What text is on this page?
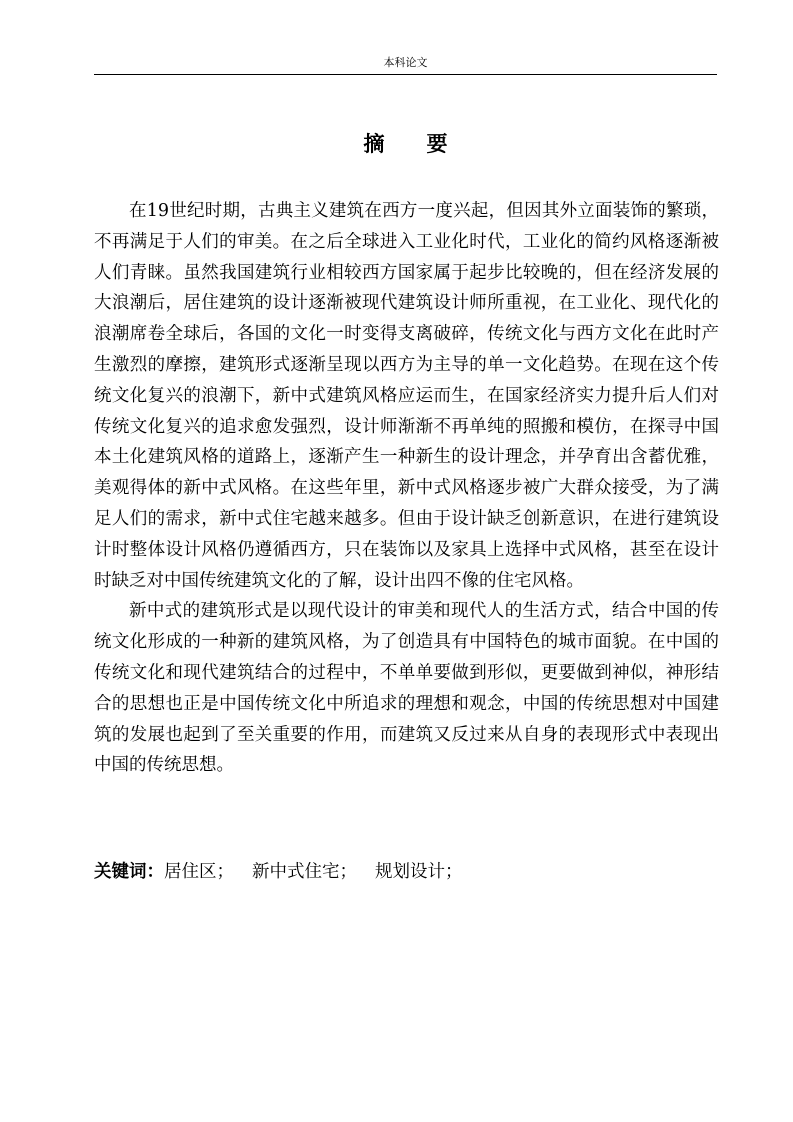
本科论文
摘要

在19世纪时期，古典主义建筑在西方一度兴起，但因其外立面装饰的繁琐，不再满足于人们的审美。在之后全球进入工业化时代，工业化的简约风格逐渐被人们青睐。虽然我国建筑行业相较西方国家属于起步比较晚的，但在经济发展的大浪潮后，居住建筑的设计逐渐被现代建筑设计师所重视，在工业化、现代化的浪潮席卷全球后，各国的文化一时变得支离破碎，传统文化与西方文化在此时产生激烈的摩擦，建筑形式逐渐呈现以西方为主导的单一文化趋势。在现在这个传统文化复兴的浪潮下，新中式建筑风格应运而生，在国家经济实力提升后人们对传统文化复兴的追求愈发强烈，设计师渐渐不再单纯的照搬和模仿，在探寻中国本土化建筑风格的道路上，逐渐产生一种新生的设计理念，并孕育出含蓄优雅，美观得体的新中式风格。在这些年里，新中式风格逐步被广大群众接受，为了满足人们的需求，新中式住宅越来越多。但由于设计缺乏创新意识，在进行建筑设计时整体设计风格仍遵循西方，只在装饰以及家具上选择中式风格，甚至在设计时缺乏对中国传统建筑文化的了解，设计出四不像的住宅风格。

新中式的建筑形式是以现代设计的审美和现代人的生活方式，结合中国的传统文化形成的一种新的建筑风格，为了创造具有中国特色的城市面貌。在中国的传统文化和现代建筑结合的过程中，不单单要做到形似，更要做到神似，神形结合的思想也正是中国传统文化中所追求的理想和观念，中国的传统思想对中国建筑的发展也起到了至关重要的作用，而建筑又反过来从自身的表现形式中表现出中国的传统思想。

关键词：居住区； 新中式住宅； 规划设计；
